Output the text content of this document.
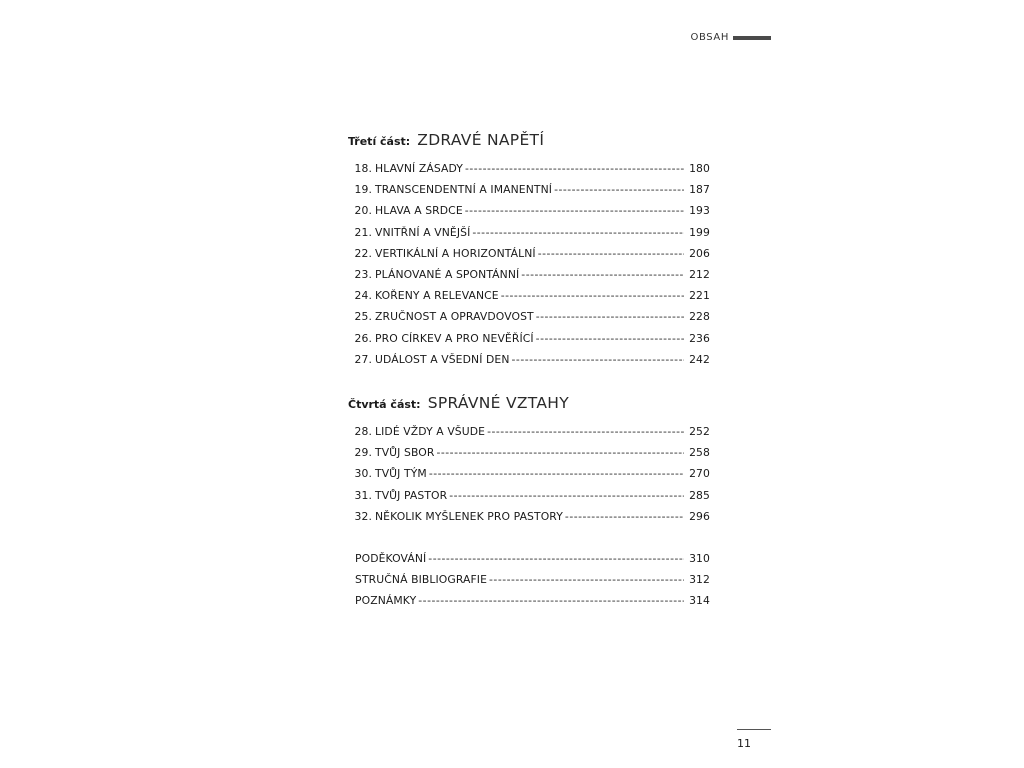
OBSAH
Třetí část: ZDRAVÉ NAPĚTÍ
18. HLAVNÍ ZÁSADY -----	180
19. TRANSCENDENTNÍ A IMANENTNÍ -----	187
20. HLAVA A SRDCE -----	193
21. VNITŘNÍ A VNĚJŠÍ -----	199
22. VERTIKÁLNÍ A HORIZONTÁLNÍ -----	206
23. PLÁNOVANÉ A SPONTÁNNÍ -----	212
24. KOŘENY A RELEVANCE -----	221
25. ZRUČNOST A OPRAVDOVOST -----	228
26. PRO CÍRKEV A PRO NEVĚŘÍCÍ -----	236
27. UDÁLOST A VŠEDNÍ DEN -----	242
Čtvrtá část: SPRÁVNÉ VZTAHY
28. LIDÉ VŽDY A VŠUDE -----	252
29. TVŮJ SBOR -----	258
30. TVŮJ TÝM -----	270
31. TVŮJ PASTOR -----	285
32. NĚKOLIK MYŠLENEK PRO PASTORY -----	296
PODĚKOVÁNÍ -----	310
STRUČNÁ BIBLIOGRAFIE -----	312
POZNÁMKY -----	314
11
